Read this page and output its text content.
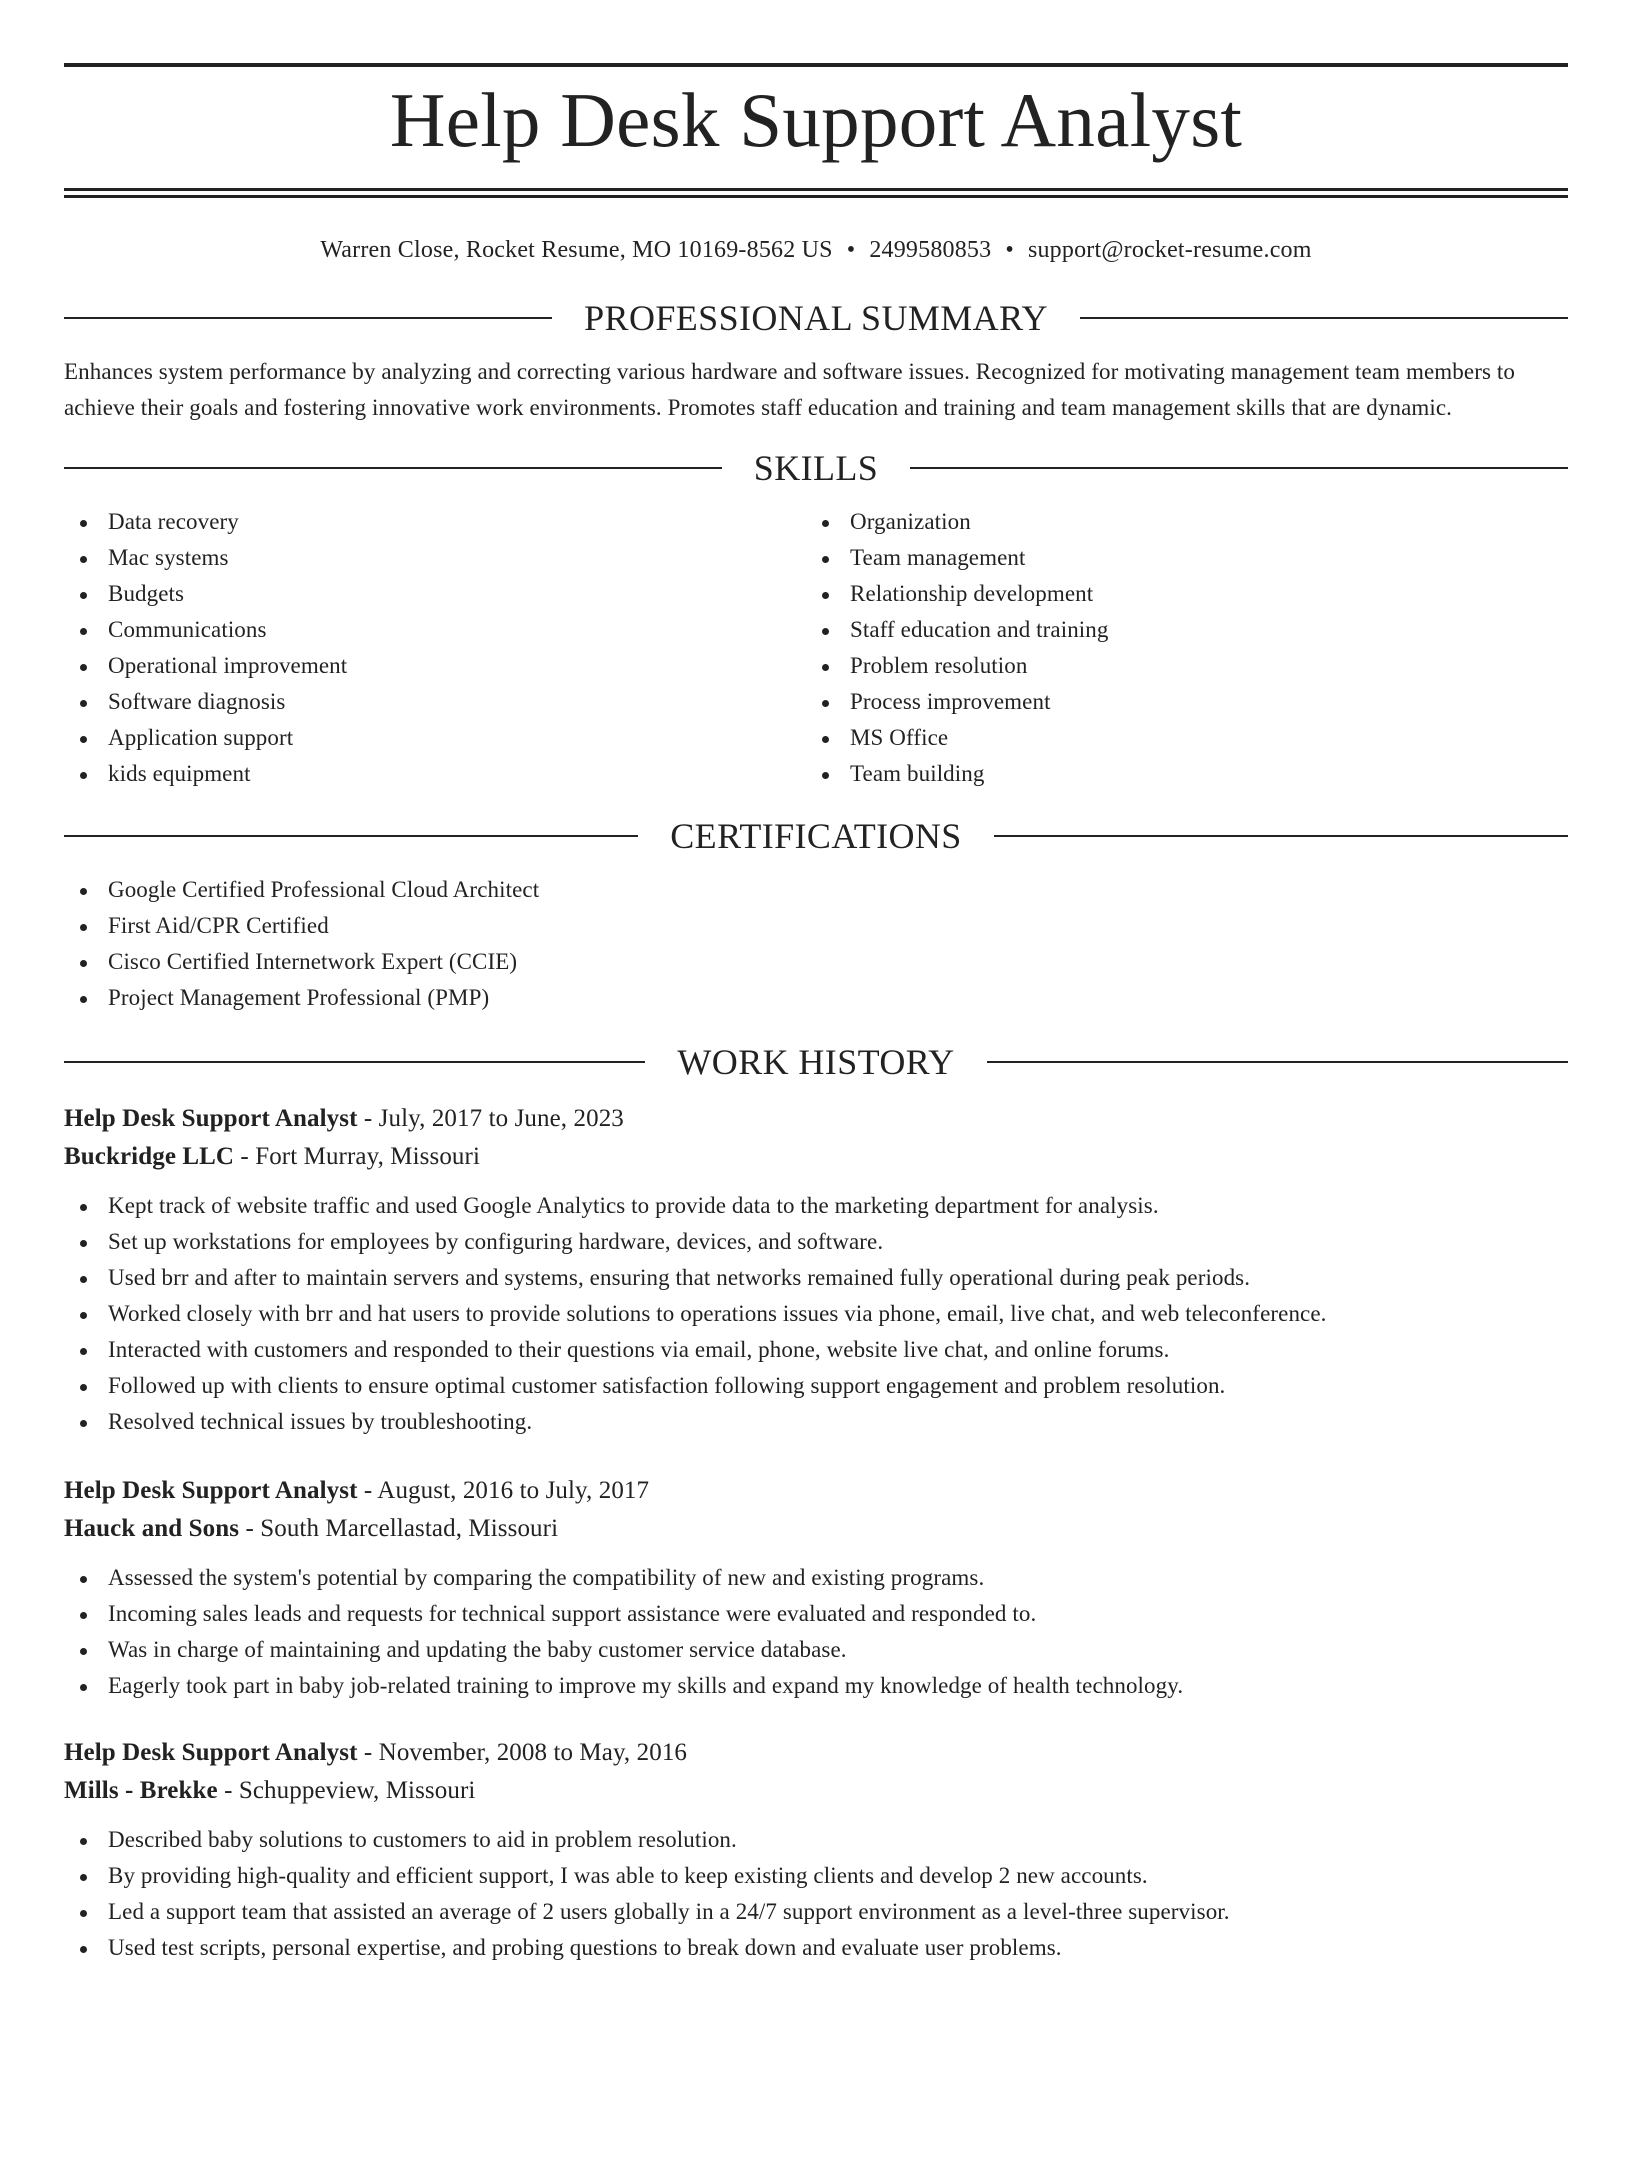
Help Desk Support Analyst
Warren Close, Rocket Resume, MO 10169-8562 US • 2499580853 • support@rocket-resume.com
PROFESSIONAL SUMMARY

Enhances system performance by analyzing and correcting various hardware and software issues. Recognized for motivating management team members to achieve their goals and fostering innovative work environments. Promotes staff education and training and team management skills that are dynamic.

SKILLS
Data recovery
Mac systems
Budgets
Communications
Operational improvement
Software diagnosis
Application support
kids equipment
Organization
Team management
Relationship development
Staff education and training
Problem resolution
Process improvement
MS Office
Team building
CERTIFICATIONS
Google Certified Professional Cloud Architect
First Aid/CPR Certified
Cisco Certified Internetwork Expert (CCIE)
Project Management Professional (PMP)
WORK HISTORY
Help Desk Support Analyst - July, 2017 to June, 2023
Buckridge LLC - Fort Murray, Missouri
Kept track of website traffic and used Google Analytics to provide data to the marketing department for analysis.
Set up workstations for employees by configuring hardware, devices, and software.
Used brr and after to maintain servers and systems, ensuring that networks remained fully operational during peak periods.
Worked closely with brr and hat users to provide solutions to operations issues via phone, email, live chat, and web teleconference.
Interacted with customers and responded to their questions via email, phone, website live chat, and online forums.
Followed up with clients to ensure optimal customer satisfaction following support engagement and problem resolution.
Resolved technical issues by troubleshooting.
Help Desk Support Analyst - August, 2016 to July, 2017
Hauck and Sons - South Marcellastad, Missouri
Assessed the system's potential by comparing the compatibility of new and existing programs.
Incoming sales leads and requests for technical support assistance were evaluated and responded to.
Was in charge of maintaining and updating the baby customer service database.
Eagerly took part in baby job-related training to improve my skills and expand my knowledge of health technology.
Help Desk Support Analyst - November, 2008 to May, 2016
Mills - Brekke - Schuppeview, Missouri
Described baby solutions to customers to aid in problem resolution.
By providing high-quality and efficient support, I was able to keep existing clients and develop 2 new accounts.
Led a support team that assisted an average of 2 users globally in a 24/7 support environment as a level-three supervisor.
Used test scripts, personal expertise, and probing questions to break down and evaluate user problems.
